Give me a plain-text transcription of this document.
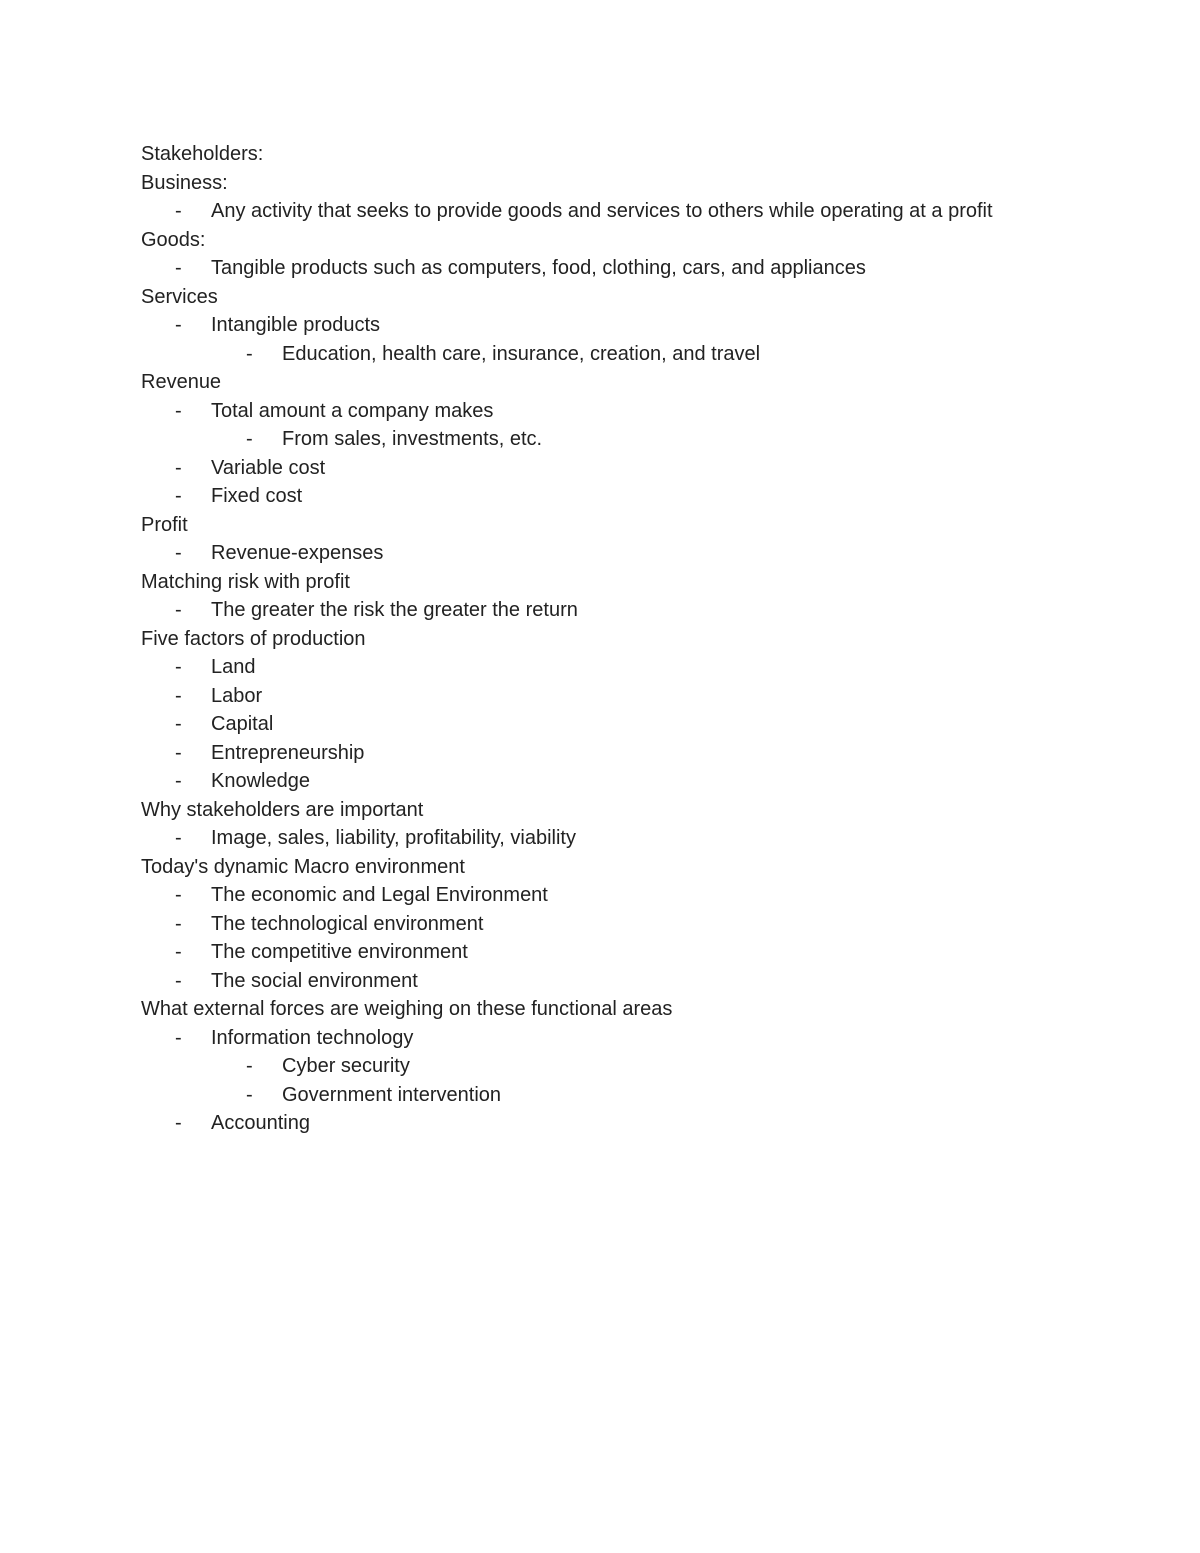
Stakeholders:
Business:
- Any activity that seeks to provide goods and services to others while operating at a profit
Goods:
- Tangible products such as computers, food, clothing, cars, and appliances
Services
- Intangible products
- Education, health care, insurance, creation, and travel
Revenue
- Total amount a company makes
- From sales, investments, etc.
- Variable cost
- Fixed cost
Profit
- Revenue-expenses
Matching risk with profit
- The greater the risk the greater the return
Five factors of production
- Land
- Labor
- Capital
- Entrepreneurship
- Knowledge
Why stakeholders are important
- Image, sales, liability, profitability, viability
Today's dynamic Macro environment
- The economic and Legal Environment
- The technological environment
- The competitive environment
- The social environment
What external forces are weighing on these functional areas
- Information technology
- Cyber security
- Government intervention
- Accounting
